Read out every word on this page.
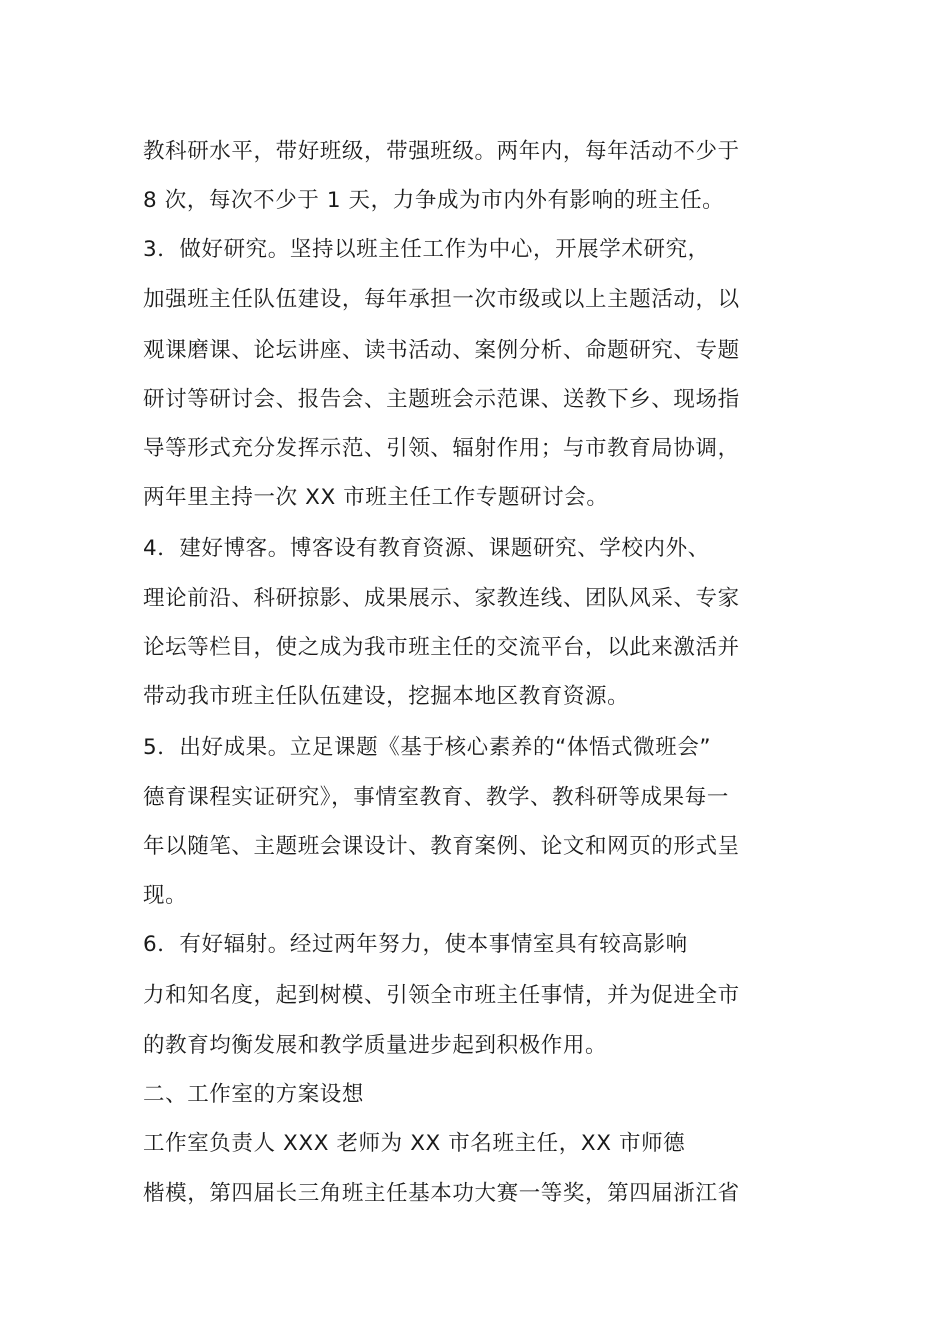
教科研水平，带好班级，带强班级。两年内，每年活动不少于
8 次，每次不少于 1 天，力争成为市内外有影响的班主任。
3．做好研究。坚持以班主任工作为中心，开展学术研究，
加强班主任队伍建设，每年承担一次市级或以上主题活动，以
观课磨课、论坛讲座、读书活动、案例分析、命题研究、专题
研讨等研讨会、报告会、主题班会示范课、送教下乡、现场指
导等形式充分发挥示范、引领、辐射作用；与市教育局协调，
两年里主持一次 XX 市班主任工作专题研讨会。
4．建好博客。博客设有教育资源、课题研究、学校内外、
理论前沿、科研掠影、成果展示、家教连线、团队风采、专家
论坛等栏目，使之成为我市班主任的交流平台，以此来激活并
带动我市班主任队伍建设，挖掘本地区教育资源。
5．出好成果。立足课题《基于核心素养的“体悟式微班会”
德育课程实证研究》，事情室教育、教学、教科研等成果每一
年以随笔、主题班会课设计、教育案例、论文和网页的形式呈
现。
6．有好辐射。经过两年努力，使本事情室具有较高影响
力和知名度，起到树模、引领全市班主任事情，并为促进全市
的教育均衡发展和教学质量进步起到积极作用。
二、工作室的方案设想
工作室负责人 XXX 老师为 XX 市名班主任，XX 市师德
楷模，第四届长三角班主任基本功大赛一等奖，第四届浙江省
